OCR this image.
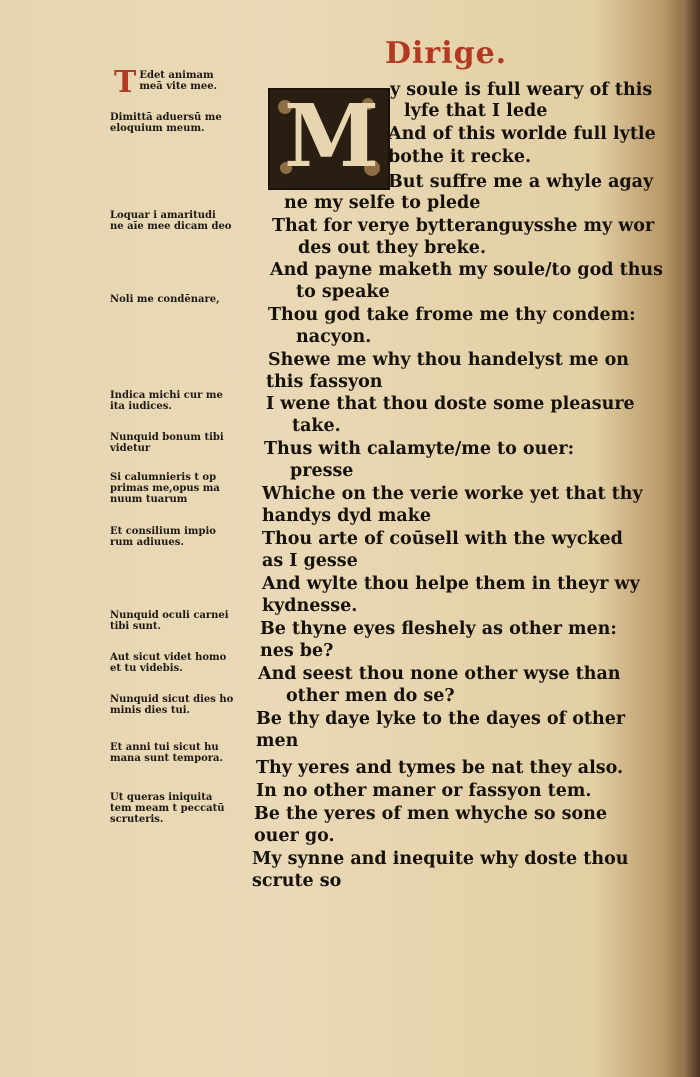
Dirige.
M
T Edet animam
meā vite mee.
Dimittā aduersū me
eloquium meum.
Loquar i amaritudi
ne aīe mee dicam deo
Noli me condēnare,
Indica michi cur me
ita iudices.
Nunquid bonum tibi
videtur
Si calumnieris t op
primas me,opus ma
nuum tuarum
Et consilium impio
rum adiuues.
Nunquid oculi carnei
tibi sunt.
Aut sicut videt homo
et tu videbis.
Nunquid sicut dies ho
minis dies tui.
Et anni tui sicut hu
mana sunt tempora.
Ut queras iniquita
tem meam t peccatū
scruteris.
y soule is full weary of this
lyfe that I lede
And of this worlde full lytle
bothe it recke.
But suffre me a whyle agay
ne my selfe to plede
That for verye bytteranguysshe my wor
des out they breke.
And payne maketh my soule/to god thus
to speake
Thou god take frome me thy condem:
nacyon.
Shewe me why thou handelyst me on
this fassyon
I wene that thou doste some pleasure
take.
Thus with calamyte/me to ouer:
presse
Whiche on the verie worke yet that thy
handys dyd make
Thou arte of coūsell with the wycked
as I gesse
And wylte thou helpe them in theyr wy
kydnesse.
Be thyne eyes fleshely as other men:
nes be?
And seest thou none other wyse than
other men do se?
Be thy daye lyke to the dayes of other
men
Thy yeres and tymes be nat they also.
In no other maner or fassyon tem.
Be the yeres of men whyche so sone
ouer go.
My synne and inequite why doste thou
scrute so
